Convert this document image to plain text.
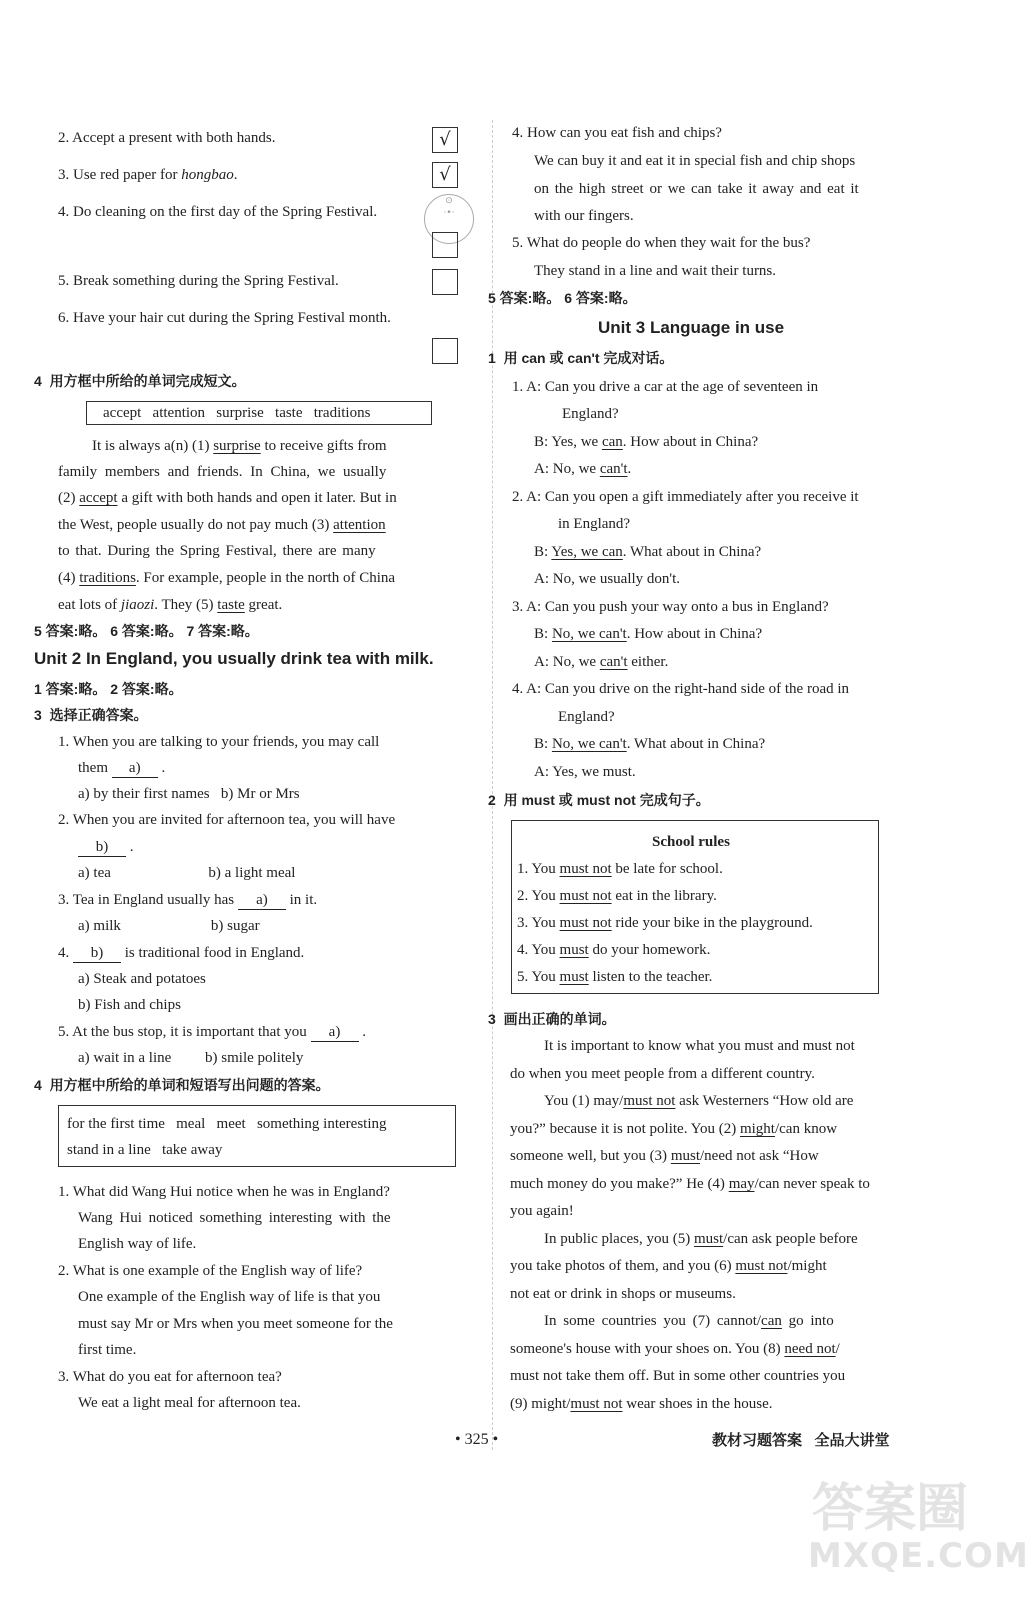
2. Accept a present with both hands.	√
3. Use red paper for hongbao.	√
4. Do cleaning on the first day of the Spring Festival.
⊙
·•·
5. Break something during the Spring Festival.
6. Have your hair cut during the Spring Festival month.
4 用方框中所给的单词完成短文。
accept   attention   surprise   taste   traditions
It is always a(n) (1) surprise to receive gifts from
family members and friends. In China, we usually
(2) accept a gift with both hands and open it later. But in
the West, people usually do not pay much (3) attention
to that. During the Spring Festival, there are many
(4) traditions. For example, people in the north of China
eat lots of jiaozi. They (5) taste great.
5 答案:略。 6 答案:略。 7 答案:略。
Unit 2 In England, you usually drink tea with milk.
1 答案:略。 2 答案:略。
3 选择正确答案。
1. When you are talking to your friends, you may call
them a) .
a) by their first names   b) Mr or Mrs
2. When you are invited for afternoon tea, you will have
b) .
a) tea                          b) a light meal
3. Tea in England usually has a) in it.
a) milk                        b) sugar
4. b) is traditional food in England.
a) Steak and potatoes
b) Fish and chips
5. At the bus stop, it is important that you a) .
a) wait in a line         b) smile politely
4 用方框中所给的单词和短语写出问题的答案。
for the first time   meal   meet   something interesting
stand in a line   take away
1. What did Wang Hui notice when he was in England?
Wang Hui noticed something interesting with the
English way of life.
2. What is one example of the English way of life?
One example of the English way of life is that you
must say Mr or Mrs when you meet someone for the
first time.
3. What do you eat for afternoon tea?
We eat a light meal for afternoon tea.
4. How can you eat fish and chips?
We can buy it and eat it in special fish and chip shops
on the high street or we can take it away and eat it
with our fingers.
5. What do people do when they wait for the bus?
They stand in a line and wait their turns.
5 答案:略。 6 答案:略。
Unit 3 Language in use
1 用 can 或 can't 完成对话。
1. A: Can you drive a car at the age of seventeen in
England?
B: Yes, we can. How about in China?
A: No, we can't.
2. A: Can you open a gift immediately after you receive it
in England?
B: Yes, we can. What about in China?
A: No, we usually don't.
3. A: Can you push your way onto a bus in England?
B: No, we can't. How about in China?
A: No, we can't either.
4. A: Can you drive on the right-hand side of the road in
England?
B: No, we can't. What about in China?
A: Yes, we must.
2 用 must 或 must not 完成句子。
School rules
1. You must not be late for school.
2. You must not eat in the library.
3. You must not ride your bike in the playground.
4. You must do your homework.
5. You must listen to the teacher.
3 画出正确的单词。
It is important to know what you must and must not
do when you meet people from a different country.
You (1) may/must not ask Westerners “How old are
you?” because it is not polite. You (2) might/can know
someone well, but you (3) must/need not ask “How
much money do you make?” He (4) may/can never speak to
you again!
In public places, you (5) must/can ask people before
you take photos of them, and you (6) must not/might
not eat or drink in shops or museums.
In some countries you (7) cannot/can go into
someone's house with your shoes on. You (8) need not/
must not take them off. But in some other countries you
(9) might/must not wear shoes in the house.
• 325 •	教材习题答案   全品大讲堂
答案圈
MXQE.COM
